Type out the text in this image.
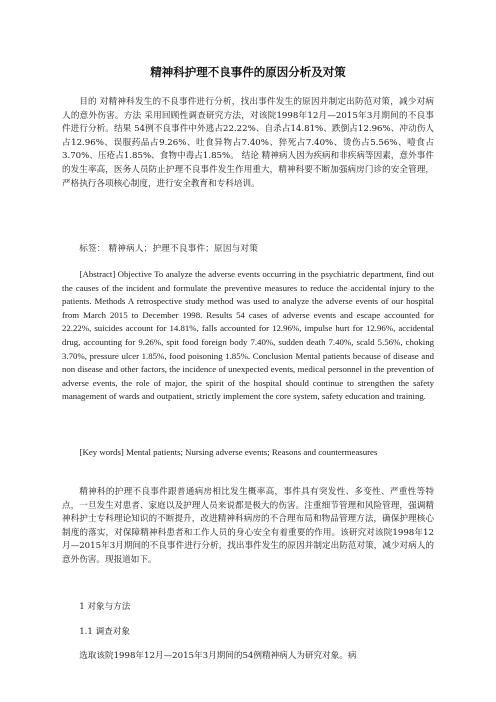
精神科护理不良事件的原因分析及对策

目的 对精神科发生的不良事件进行分析，找出事件发生的原因并制定出防范对策，减少对病人的意外伤害。方法 采用回顾性调查研究方法，对该院1998年12月—2015年3月期间的不良事件进行分析。结果 54例不良事件中外逃占22.22%、自杀占14.81%、跌倒占12.96%、冲动伤人占12.96%、误服药品占9.26%、吐食异物占7.40%、猝死占7.40%、烫伤占5.56%、噎食占3.70%、压疮占1.85%、食物中毒占1.85%。 结论 精神病人因为疾病和非疾病等因素，意外事件的发生率高，医务人员防止护理不良事件发生作用重大，精神科要不断加强病房门诊的安全管理，严格执行各项核心制度，进行安全教育和专科培训。

标签： 精神病人；护理不良事件；原因与对策

[Abstract] Objective To analyze the adverse events occurring in the psychiatric department, find out the causes of the incident and formulate the preventive measures to reduce the accidental injury to the patients. Methods A retrospective study method was used to analyze the adverse events of our hospital from March 2015 to December 1998. Results 54 cases of adverse events and escape accounted for 22.22%, suicides account for 14.81%, falls accounted for 12.96%, impulse hurt for 12.96%, accidental drug, accounting for 9.26%, spit food foreign body 7.40%, sudden death 7.40%, scald 5.56%, choking 3.70%, pressure ulcer 1.85%, food poisoning 1.85%. Conclusion Mental patients because of disease and non disease and other factors, the incidence of unexpected events, medical personnel in the prevention of adverse events, the role of major, the spirit of the hospital should continue to strengthen the safety management of wards and outpatient, strictly implement the core system, safety education and training.

[Key words] Mental patients; Nursing adverse events; Reasons and countermeasures

精神科的护理不良事件跟普通病房相比发生概率高，事件具有突发性、多变性、严重性等特点，一旦发生对患者、家庭以及护理人员来说都是极大的伤害。注重细节管理和风险管理，强调精神科护士专科理论知识的不断提升，改进精神科病房的不合理布局和物品管理方法，确保护理核心制度的落实，对保障精神科患者和工作人员的身心安全有着重要的作用。该研究对该院1998年12月—2015年3月期间的不良事件进行分析，找出事件发生的原因并制定出防范对策，减少对病人的意外伤害。现报道如下。

1 对象与方法

1.1 调查对象

选取该院1998年12月—2015年3月期间的54例精神病人为研究对象。病
